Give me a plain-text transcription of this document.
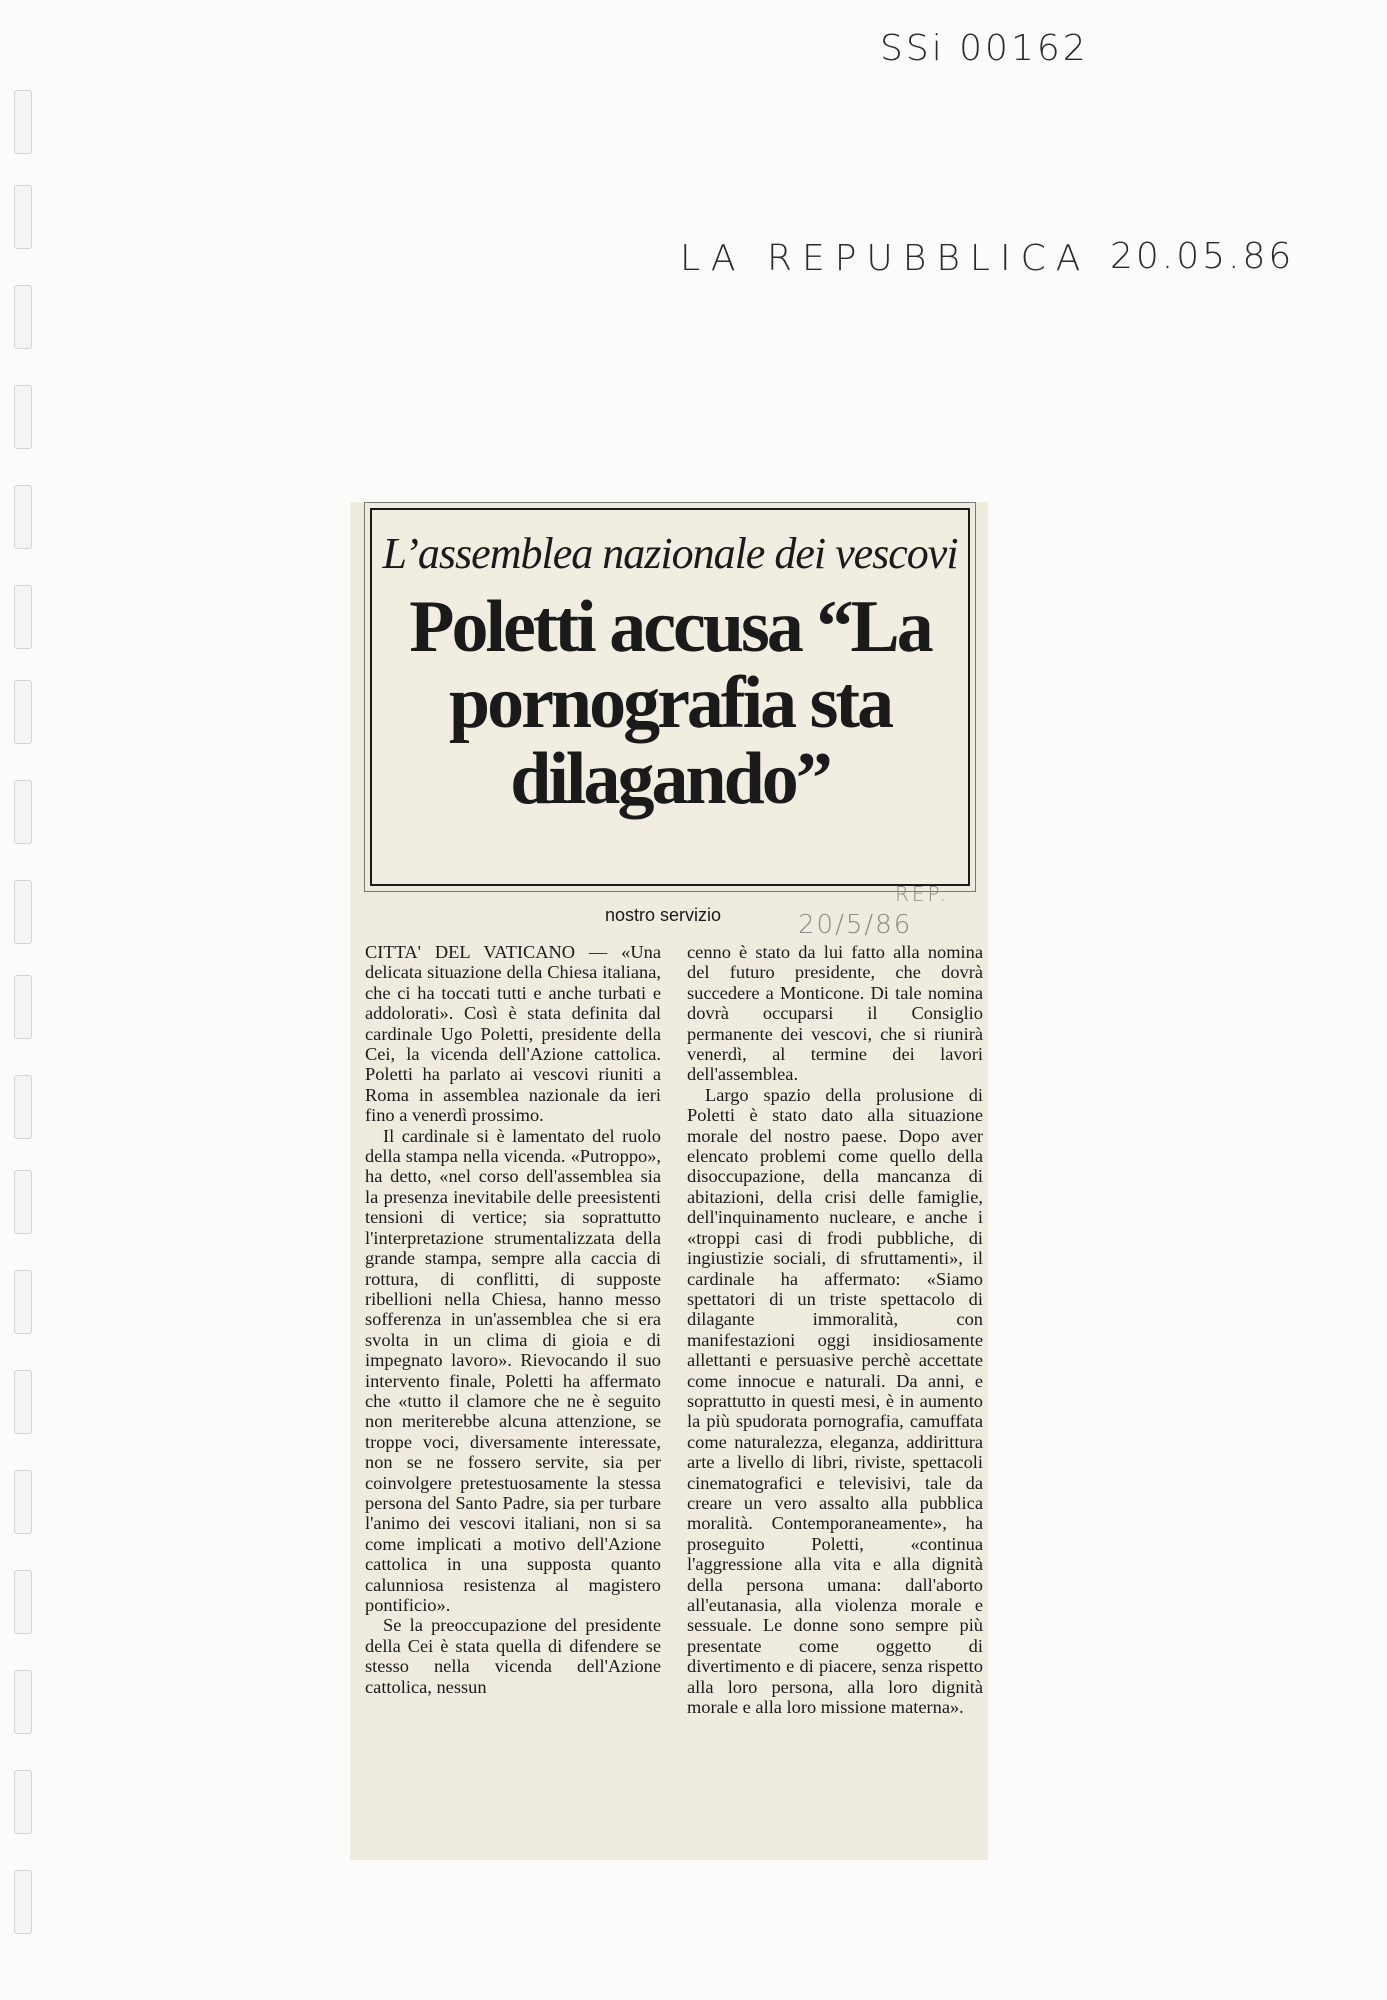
SSi 00162
LA REPUBBLICA 20.05.86
L’assemblea nazionale dei vescovi
Poletti accusa “La pornografia sta dilagando”
REP.
nostro servizio	20/5/86

CITTA' DEL VATICANO — «Una delicata situazione della Chiesa italiana, che ci ha toccati tutti e anche turbati e addolorati». Così è stata definita dal cardinale Ugo Poletti, presidente della Cei, la vicenda dell'Azione cattolica. Poletti ha parlato ai vescovi riuniti a Roma in assemblea nazionale da ieri fino a venerdì prossimo.

Il cardinale si è lamentato del ruolo della stampa nella vicenda. «Putroppo», ha detto, «nel corso dell'assemblea sia la presenza inevitabile delle preesistenti tensioni di vertice; sia soprattutto l'interpretazione strumentalizzata della grande stampa, sempre alla caccia di rottura, di conflitti, di supposte ribellioni nella Chiesa, hanno messo sofferenza in un'assemblea che si era svolta in un clima di gioia e di impegnato lavoro». Rievocando il suo intervento finale, Poletti ha affermato che «tutto il clamore che ne è seguito non meriterebbe alcuna attenzione, se troppe voci, diversamente interessate, non se ne fossero servite, sia per coinvolgere pretestuosamente la stessa persona del Santo Padre, sia per turbare l'animo dei vescovi italiani, non si sa come implicati a motivo dell'Azione cattolica in una supposta quanto calunniosa resistenza al magistero pontificio».

Se la preoccupazione del presidente della Cei è stata quella di difendere se stesso nella vicenda dell'Azione cattolica, nessun

cenno è stato da lui fatto alla nomina del futuro presidente, che dovrà succedere a Monticone. Di tale nomina dovrà occuparsi il Consiglio permanente dei vescovi, che si riunirà venerdì, al termine dei lavori dell'assemblea.

Largo spazio della prolusione di Poletti è stato dato alla situazione morale del nostro paese. Dopo aver elencato problemi come quello della disoccupazione, della mancanza di abitazioni, della crisi delle famiglie, dell'inquinamento nucleare, e anche i «troppi casi di frodi pubbliche, di ingiustizie sociali, di sfruttamenti», il cardinale ha affermato: «Siamo spettatori di un triste spettacolo di dilagante immoralità, con manifestazioni oggi insidiosamente allettanti e persuasive perchè accettate come innocue e naturali. Da anni, e soprattutto in questi mesi, è in aumento la più spudorata pornografia, camuffata come naturalezza, eleganza, addirittura arte a livello di libri, riviste, spettacoli cinematografici e televisivi, tale da creare un vero assalto alla pubblica moralità. Contemporaneamente», ha proseguito Poletti, «continua l'aggressione alla vita e alla dignità della persona umana: dall'aborto all'eutanasia, alla violenza morale e sessuale. Le donne sono sempre più presentate come oggetto di divertimento e di piacere, senza rispetto alla loro persona, alla loro dignità morale e alla loro missione materna».
